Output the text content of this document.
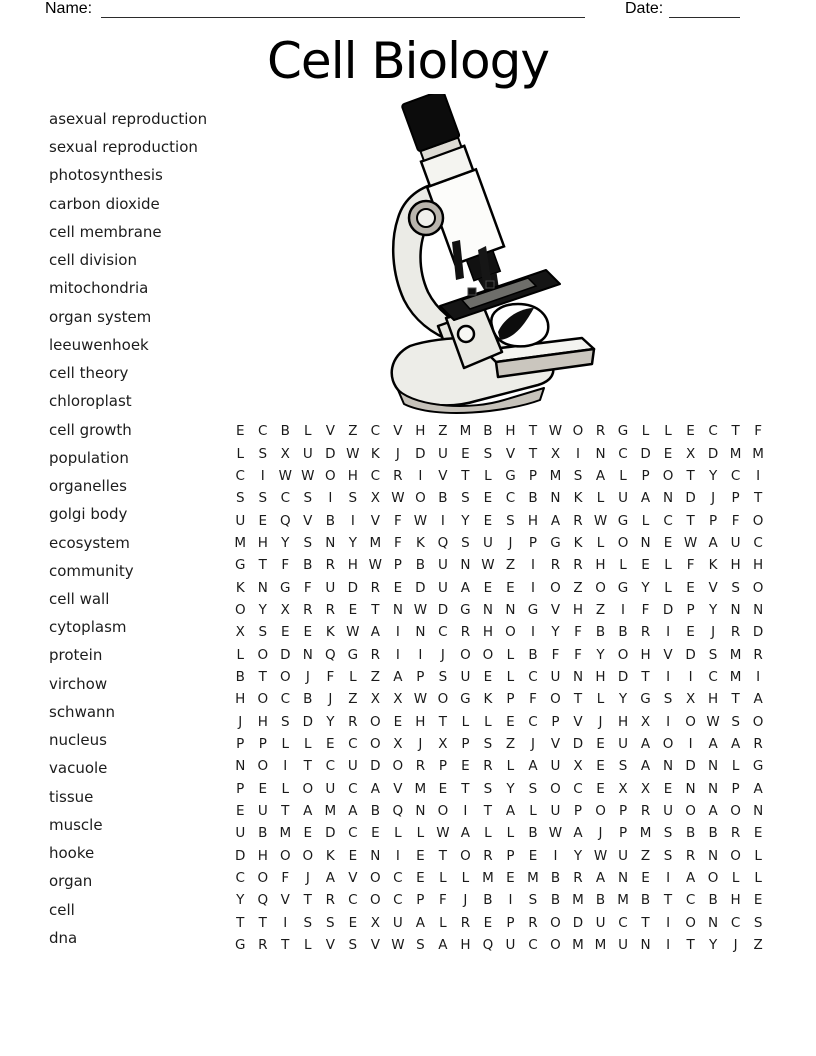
Name:	Date:
Cell Biology
asexual reproduction
sexual reproduction
photosynthesis
carbon dioxide
cell membrane
cell division
mitochondria
organ system
leeuwenhoek
cell theory
chloroplast
cell growth
population
organelles
golgi body
ecosystem
community
cell wall
cytoplasm
protein
virchow
schwann
nucleus
vacuole
tissue
muscle
hooke
organ
cell
dna
E	C B	L	V Z C V H Z M B H T W O R G	L	L	E	C	T	F
L	S	X U D W K	J	D U E	S	V	T	X	I	N C D E	X D M M
C	I	W W O H C R	I	V	T	L	G P M S	A	L	P O T	Y	C	I
S	S	C	S	I	S	X W O B	S	E	C B N K	L	U A N D	J	P	T
U E Q V B	I	V	F W	I	Y	E	S H A R W G	L	C	T	P	F O
M H Y	S N Y M F	K Q S U	J	P G K	L O N E W A U C
G T	F	B R H W P	B U N W Z	I	R R H	L	E	L	F	K H H
K N G F	U D R	E D U A	E	E	I	O Z O G Y	L	E	V	S O
O Y	X R R	E	T N W D G N N G V H Z	I	F D P	Y N N
X	S	E	E	K W A	I	N C R H O	I	Y	F	B B R	I	E	J	R D
L O D N Q G R	I	I	J	O O L	B	F	F	Y O H V D S M R
B	T O	J	F	L	Z A	P	S U E	L	C U N H D T	I	I	C M	I
H O C B	J	Z X X W O G K	P	F O T	L	Y G S	X H T	A
J	H S D Y	R O E H T	L	L	E	C	P	V	J	H X	I	O W S O
P	P	L	L	E	C O X	J	X	P	S	Z	J	V D E U A O	I	A A R
N O	I	T	C U D O R	P	E	R	L	A U X	E	S	A N D N	L	G
P	E	L O U C A V M E	T	S	Y	S O C	E	X X	E N N P	A
E U T	A M A B Q N O	I	T	A	L	U P O P	R U O A O N
U B M E D C	E	L	L W A	L	L	B W A	J	P M S	B B R	E
D H O O K	E N	I	E	T O R	P	E	I	Y W U Z	S	R N O L
C O F	J	A V O C	E	L	L M E M B R A N E	I	A O L	L
Y Q V	T	R C O C	P	F	J	B	I	S	B M B M B	T	C B H E
T	T	I	S	S	E	X U A	L	R	E	P	R O D U C	T	I	O N C	S
G R	T	L	V	S	V W S	A H Q U C O M M U N	I	T	Y	J	Z
